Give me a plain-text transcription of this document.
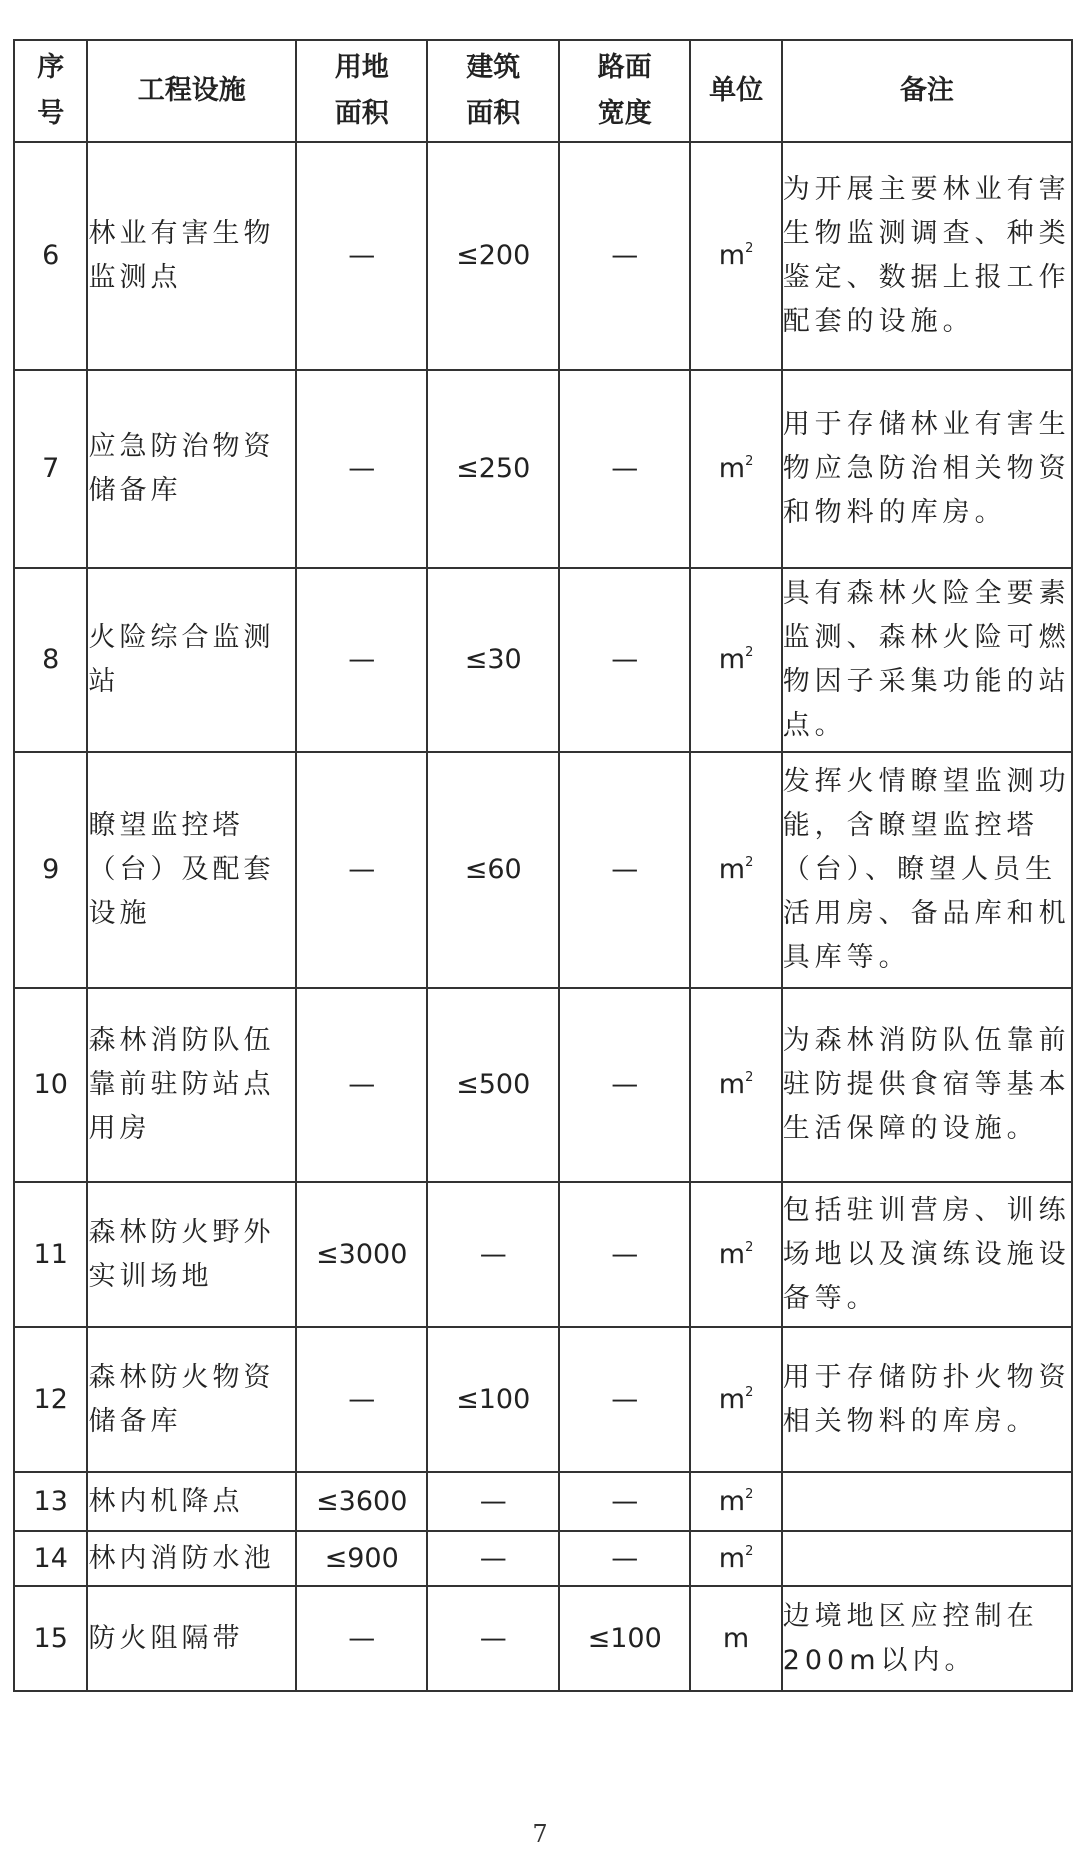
序号	工程设施	用地面积	建筑面积	路面宽度	单位	备注
6	林业有害生物监测点	—	≤200	—	$m^2$	为开展主要林业有害生物监测调查、种类鉴定、数据上报工作配套的设施。
7	应急防治物资储备库	—	≤250	—	$m^2$	用于存储林业有害生物应急防治相关物资和物料的库房。
8	火险综合监测站	—	≤30	—	$m^2$	具有森林火险全要素监测、森林火险可燃物因子采集功能的站点。
9	瞭望监控塔（台）及配套设施	—	≤60	—	$m^2$	发挥火情瞭望监测功能，含瞭望监控塔（台）、瞭望人员生活用房、备品库和机具库等。
10	森林消防队伍靠前驻防站点用房	—	≤500	—	$m^2$	为森林消防队伍靠前驻防提供食宿等基本生活保障的设施。
11	森林防火野外实训场地	≤3000	—	—	$m^2$	包括驻训营房、训练场地以及演练设施设备等。
12	森林防火物资储备库	—	≤100	—	$m^2$	用于存储防扑火物资相关物料的库房。
13	林内机降点	≤3600	—	—	$m^2$	
14	林内消防水池	≤900	—	—	$m^2$	
15	防火阻隔带	—	—	≤100	m	边境地区应控制在200m以内。
7
